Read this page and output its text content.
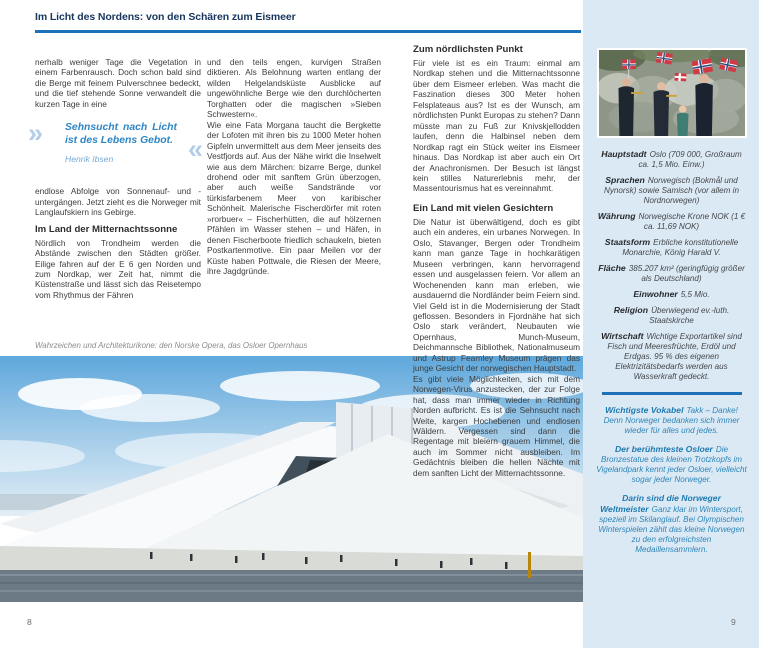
Im Licht des Nordens: von den Schären zum Eismeer

nerhalb weniger Tage die Vegetation in einem Farbenrausch. Doch schon bald sind die Berge mit feinem Pulverschnee bedeckt, und die tief stehende Sonne verwandelt die kurzen Tage in eine

» Sehnsucht nach Licht ist des Lebens Gebot. «
Henrik Ibsen

endlose Abfolge von Sonnenauf- und -untergängen. Jetzt zieht es die Norweger mit Langlaufskiern ins Gebirge.

Im Land der Mitternachtssonne

Nördlich von Trondheim werden die Abstände zwischen den Städten größer. Eilige fahren auf der E 6 gen Norden und zum Nordkap, wer Zeit hat, nimmt die Küstenstraße und lässt sich das Reisetempo vom Rhythmus der Fähren

und den teils engen, kurvigen Straßen diktieren. Als Belohnung warten entlang der wilden Helgelandsküste Ausblicke auf ungewöhnliche Berge wie den durchlöcherten Torghatten oder die magischen »Sieben Schwestern«.

Wie eine Fata Morgana taucht die Bergkette der Lofoten mit ihren bis zu 1000 Meter hohen Gipfeln unvermittelt aus dem Meer jenseits des Vestfjords auf. Aus der Nähe wirkt die Inselwelt wie aus dem Märchen: bizarre Berge, dunkel drohend oder mit sanftem Grün überzogen, aber auch weiße Sandstrände vor türkisfarbenem Meer von karibischer Schönheit. Malerische Fischerdörfer mit roten »rorbuer« – Fischerhütten, die auf hölzernen Pfählen im Wasser stehen – und Häfen, in denen Fischerboote friedlich schaukeln, bieten Postkartenmotive. Ein paar Meilen vor der Küste haben Pottwale, die Riesen der Meere, ihre Jagdgründe.

Wahrzeichen und Architekturikone: den Norske Opera, das Osloer Opernhaus
8
Zum nördlichsten Punkt

Für viele ist es ein Traum: einmal am Nordkap stehen und die Mitternachtssonne über dem Eismeer erleben. Was macht die Faszination dieses 300 Meter hohen Felsplateaus aus? Ist es der Wunsch, am nördlichsten Punkt Europas zu stehen? Dann müsste man zu Fuß zur Knivskjellodden laufen, denn die Halbinsel neben dem Nordkap ragt ein Stück weiter ins Eismeer hinaus. Das Nordkap ist aber auch ein Ort der Anachronismen. Der Besuch ist längst kein stilles Naturerlebnis mehr, der Massentourismus hat es vereinnahmt.

Ein Land mit vielen Gesichtern

Die Natur ist überwältigend, doch es gibt auch ein anderes, ein urbanes Norwegen. In Oslo, Stavanger, Bergen oder Trondheim kann man ganze Tage in hochkarätigen Museen verbringen, kann hervorragend essen und ausgelassen feiern. Vor allem an Wochenenden kann man erleben, wie ausdauernd die Nordländer beim Feiern sind. Viel Geld ist in die Modernisierung der Stadt geflossen. Besonders in Fjordnähe hat sich Oslo stark verändert, Neubauten wie Opernhaus, Munch-Museum, Deichmannsche Bibliothek, Nationalmuseum und Astrup Fearnley Museum prägen das junge Gesicht der norwegischen Hauptstadt.

Es gibt viele Möglichkeiten, sich mit dem Norwegen-Virus anzustecken, der zur Folge hat, dass man immer wieder in Richtung Norden aufbricht. Es ist die Sehnsucht nach Weite, kargen Hochebenen und endlosen Wäldern. Vergessen sind dann die Regentage mit bleiern grauem Himmel, die auch im Sommer nicht ausbleiben. Im Gedächtnis bleiben die hellen Nächte mit dem sanften Licht der Mitternachtssonne.

Hauptstadt Oslo (709 000, Großraum ca. 1,5 Mio. Einw.)

Sprachen Norwegisch (Bokmål und Nynorsk) sowie Samisch (vor allem in Nordnorwegen)

Währung Norwegische Krone NOK (1 € ca. 11,69 NOK)

Staatsform Erbliche konstitutionelle Monarchie, König Harald V.

Fläche 385.207 km² (geringfügig größer als Deutschland)

Einwohner 5,5 Mio.

Religion Überwiegend ev.-luth. Staatskirche

Wirtschaft Wichtige Exportartikel sind Fisch und Meeresfrüchte, Erdöl und Erdgas. 95 % des eigenen Elektrizitätsbedarfs werden aus Wasserkraft gedeckt.

Wichtigste Vokabel Takk – Danke! Denn Norweger bedanken sich immer wieder für alles und jedes.

Der berühmteste Osloer Die Bronzestatue des kleinen Trotzkopfs im Vigelandpark kennt jeder Osloer, vielleicht sogar jeder Norweger.

Darin sind die Norweger Weltmeister Ganz klar im Wintersport, speziell im Skilanglauf. Bei Olympischen Winterspielen zählt das kleine Norwegen zu den erfolgreichsten Medaillensammlern.

9
